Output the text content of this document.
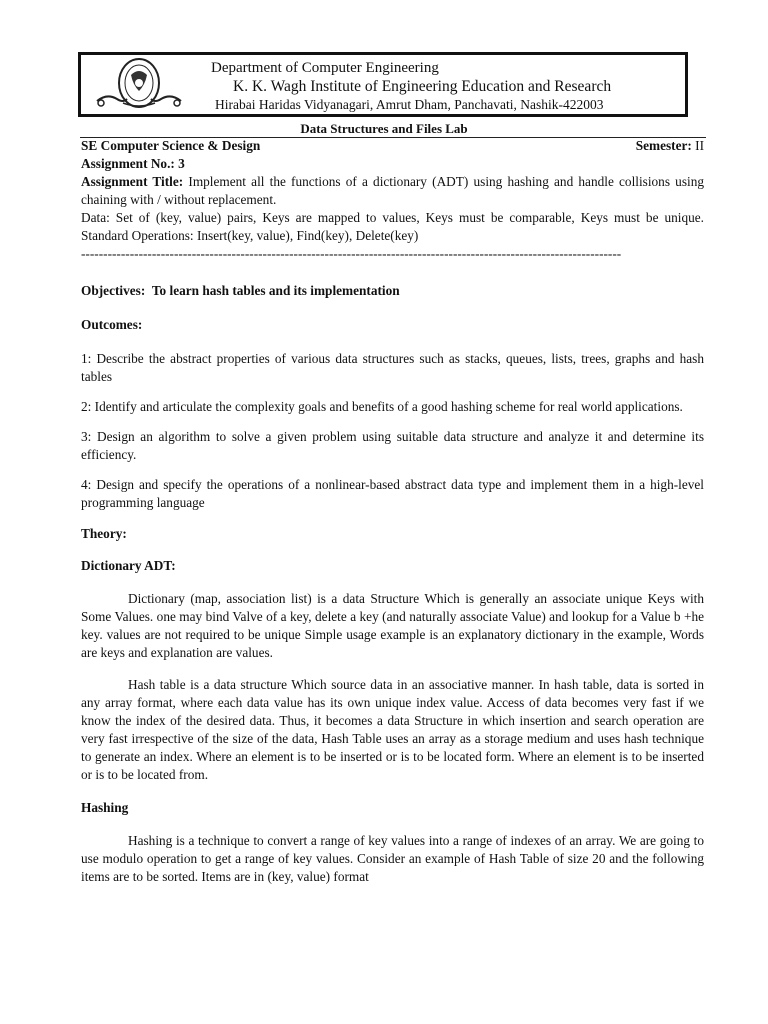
Department of Computer Engineering
K. K. Wagh Institute of Engineering Education and Research
Hirabai Haridas Vidyanagari, Amrut Dham, Panchavati, Nashik-422003
Data Structures and Files Lab
SE Computer Science & Design	Semester: II

Assignment No.: 3

Assignment Title: Implement all the functions of a dictionary (ADT) using hashing and handle collisions using chaining with / without replacement.

Data: Set of (key, value) pairs, Keys are mapped to values, Keys must be comparable, Keys must be unique. Standard Operations: Insert(key, value), Find(key), Delete(key)

--------------------------------------------------------------------------------------------------------------------------

Objectives: To learn hash tables and its implementation

Outcomes:

1: Describe the abstract properties of various data structures such as stacks, queues, lists, trees, graphs and hash tables

2: Identify and articulate the complexity goals and benefits of a good hashing scheme for real world applications.

3: Design an algorithm to solve a given problem using suitable data structure and analyze it and determine its efficiency.

4: Design and specify the operations of a nonlinear-based abstract data type and implement them in a high-level programming language

Theory:

Dictionary ADT:

Dictionary (map, association list) is a data Structure Which is generally an associate unique Keys with Some Values. one may bind Valve of a key, delete a key (and naturally associate Value) and lookup for a Value b +he key. values are not required to be unique Simple usage example is an explanatory dictionary in the example, Words are keys and explanation are values.

Hash table is a data structure Which source data in an associative manner. In hash table, data is sorted in any array format, where each data value has its own unique index value. Access of data becomes very fast if we know the index of the desired data. Thus, it becomes a data Structure in which insertion and search operation are very fast irrespective of the size of the data, Hash Table uses an array as a storage medium and uses hash technique to generate an index. Where an element is to be inserted or is to be located form. Where an element is to be inserted or is to be located from.

Hashing

Hashing is a technique to convert a range of key values into a range of indexes of an array. We are going to use modulo operation to get a range of key values. Consider an example of Hash Table of size 20 and the following items are to be sorted. Items are in (key, value) format
